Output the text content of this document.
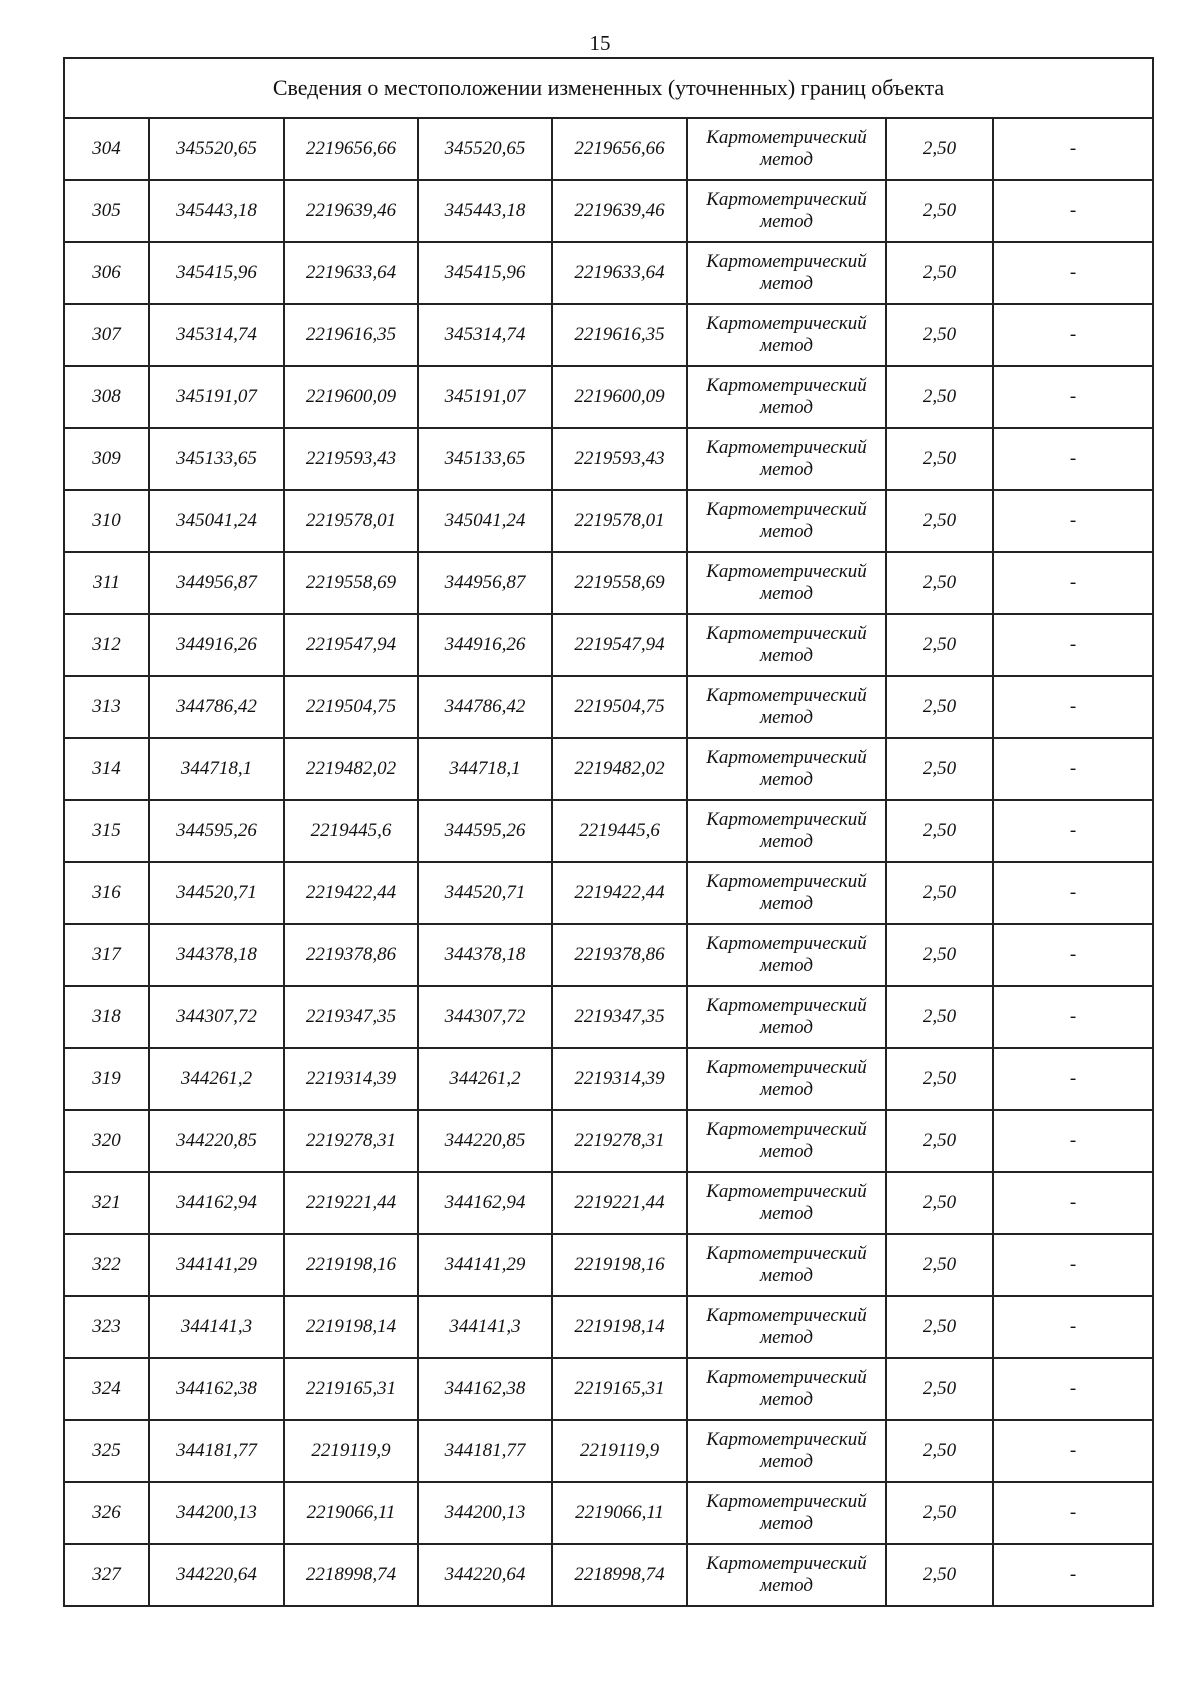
15
Сведения о местоположении измененных (уточненных) границ объекта							
304	345520,65	2219656,66	345520,65	2219656,66	Картометрический
метод	2,50	-
305	345443,18	2219639,46	345443,18	2219639,46	Картометрический
метод	2,50	-
306	345415,96	2219633,64	345415,96	2219633,64	Картометрический
метод	2,50	-
307	345314,74	2219616,35	345314,74	2219616,35	Картометрический
метод	2,50	-
308	345191,07	2219600,09	345191,07	2219600,09	Картометрический
метод	2,50	-
309	345133,65	2219593,43	345133,65	2219593,43	Картометрический
метод	2,50	-
310	345041,24	2219578,01	345041,24	2219578,01	Картометрический
метод	2,50	-
311	344956,87	2219558,69	344956,87	2219558,69	Картометрический
метод	2,50	-
312	344916,26	2219547,94	344916,26	2219547,94	Картометрический
метод	2,50	-
313	344786,42	2219504,75	344786,42	2219504,75	Картометрический
метод	2,50	-
314	344718,1	2219482,02	344718,1	2219482,02	Картометрический
метод	2,50	-
315	344595,26	2219445,6	344595,26	2219445,6	Картометрический
метод	2,50	-
316	344520,71	2219422,44	344520,71	2219422,44	Картометрический
метод	2,50	-
317	344378,18	2219378,86	344378,18	2219378,86	Картометрический
метод	2,50	-
318	344307,72	2219347,35	344307,72	2219347,35	Картометрический
метод	2,50	-
319	344261,2	2219314,39	344261,2	2219314,39	Картометрический
метод	2,50	-
320	344220,85	2219278,31	344220,85	2219278,31	Картометрический
метод	2,50	-
321	344162,94	2219221,44	344162,94	2219221,44	Картометрический
метод	2,50	-
322	344141,29	2219198,16	344141,29	2219198,16	Картометрический
метод	2,50	-
323	344141,3	2219198,14	344141,3	2219198,14	Картометрический
метод	2,50	-
324	344162,38	2219165,31	344162,38	2219165,31	Картометрический
метод	2,50	-
325	344181,77	2219119,9	344181,77	2219119,9	Картометрический
метод	2,50	-
326	344200,13	2219066,11	344200,13	2219066,11	Картометрический
метод	2,50	-
327	344220,64	2218998,74	344220,64	2218998,74	Картометрический
метод	2,50	-
